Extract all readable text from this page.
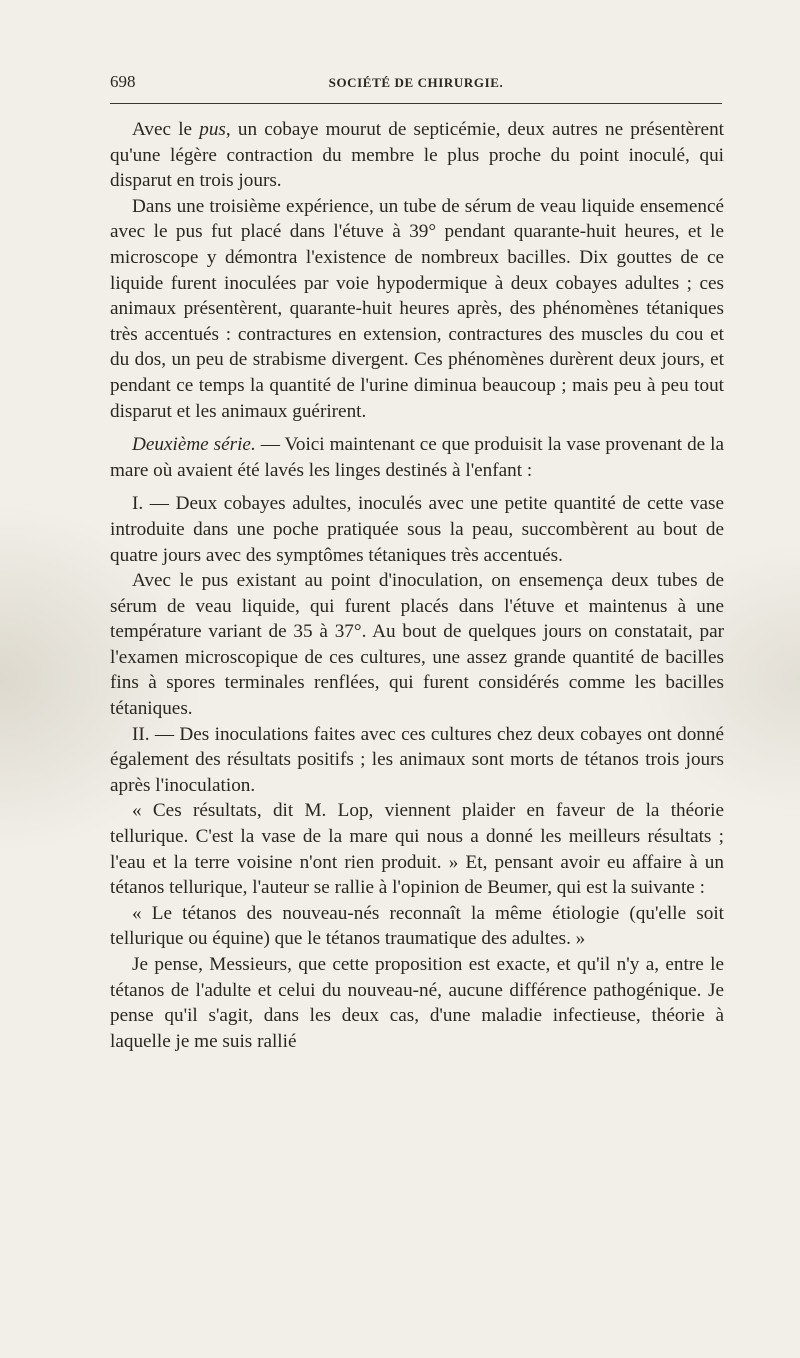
698	SOCIÉTÉ DE CHIRURGIE.

Avec le pus, un cobaye mourut de septicémie, deux autres ne présentèrent qu'une légère contraction du membre le plus proche du point inoculé, qui disparut en trois jours.

Dans une troisième expérience, un tube de sérum de veau liquide ensemencé avec le pus fut placé dans l'étuve à 39° pendant quarante-huit heures, et le microscope y démontra l'existence de nombreux bacilles. Dix gouttes de ce liquide furent inoculées par voie hypodermique à deux cobayes adultes ; ces animaux présentèrent, quarante-huit heures après, des phénomènes tétaniques très accentués : contractures en extension, contractures des muscles du cou et du dos, un peu de strabisme divergent. Ces phénomènes durèrent deux jours, et pendant ce temps la quantité de l'urine diminua beaucoup ; mais peu à peu tout disparut et les animaux guérirent.

Deuxième série. — Voici maintenant ce que produisit la vase provenant de la mare où avaient été lavés les linges destinés à l'enfant :

I. — Deux cobayes adultes, inoculés avec une petite quantité de cette vase introduite dans une poche pratiquée sous la peau, succombèrent au bout de quatre jours avec des symptômes tétaniques très accentués.

Avec le pus existant au point d'inoculation, on ensemença deux tubes de sérum de veau liquide, qui furent placés dans l'étuve et maintenus à une température variant de 35 à 37°. Au bout de quelques jours on constatait, par l'examen microscopique de ces cultures, une assez grande quantité de bacilles fins à spores terminales renflées, qui furent considérés comme les bacilles tétaniques.

II. — Des inoculations faites avec ces cultures chez deux cobayes ont donné également des résultats positifs ; les animaux sont morts de tétanos trois jours après l'inoculation.

« Ces résultats, dit M. Lop, viennent plaider en faveur de la théorie tellurique. C'est la vase de la mare qui nous a donné les meilleurs résultats ; l'eau et la terre voisine n'ont rien produit. » Et, pensant avoir eu affaire à un tétanos tellurique, l'auteur se rallie à l'opinion de Beumer, qui est la suivante :

« Le tétanos des nouveau-nés reconnaît la même étiologie (qu'elle soit tellurique ou équine) que le tétanos traumatique des adultes. »

Je pense, Messieurs, que cette proposition est exacte, et qu'il n'y a, entre le tétanos de l'adulte et celui du nouveau-né, aucune différence pathogénique. Je pense qu'il s'agit, dans les deux cas, d'une maladie infectieuse, théorie à laquelle je me suis rallié
